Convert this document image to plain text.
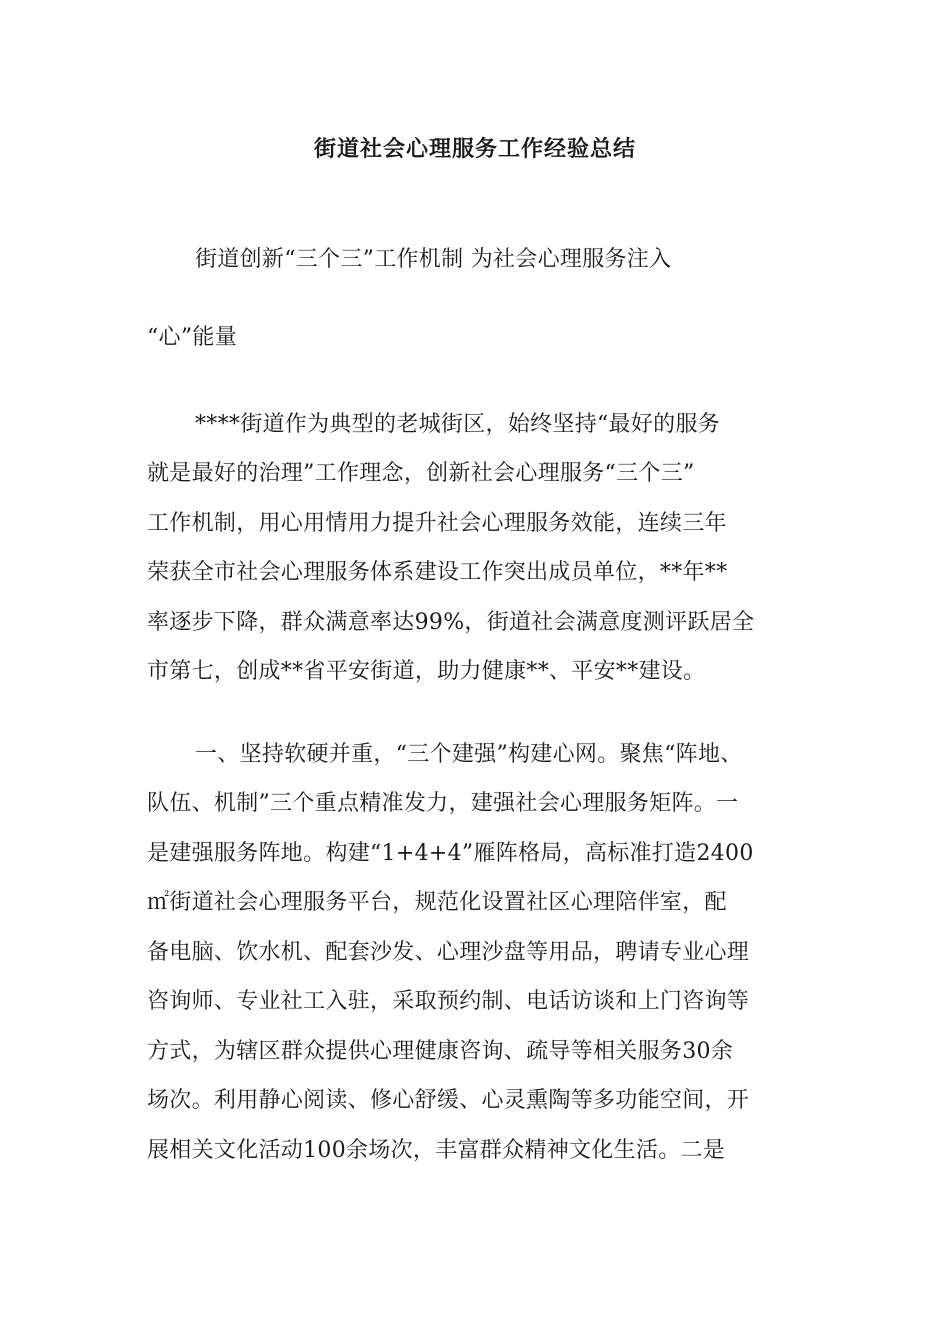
街道社会心理服务工作经验总结
街道创新“三个三”工作机制 为社会心理服务注入
“心”能量
****街道作为典型的老城街区，始终坚持“最好的服务
就是最好的治理”工作理念，创新社会心理服务“三个三”
工作机制，用心用情用力提升社会心理服务效能，连续三年
荣获全市社会心理服务体系建设工作突出成员单位，**年**
率逐步下降，群众满意率达99%，街道社会满意度测评跃居全
市第七，创成**省平安街道，助力健康**、平安**建设。
一、坚持软硬并重，“三个建强”构建心网。聚焦“阵地、
队伍、机制”三个重点精准发力，建强社会心理服务矩阵。一
是建强服务阵地。构建“1+4+4”雁阵格局，高标准打造2400
㎡街道社会心理服务平台，规范化设置社区心理陪伴室，配
备电脑、饮水机、配套沙发、心理沙盘等用品，聘请专业心理
咨询师、专业社工入驻，采取预约制、电话访谈和上门咨询等
方式，为辖区群众提供心理健康咨询、疏导等相关服务30余
场次。利用静心阅读、修心舒缓、心灵熏陶等多功能空间，开
展相关文化活动100余场次，丰富群众精神文化生活。二是
